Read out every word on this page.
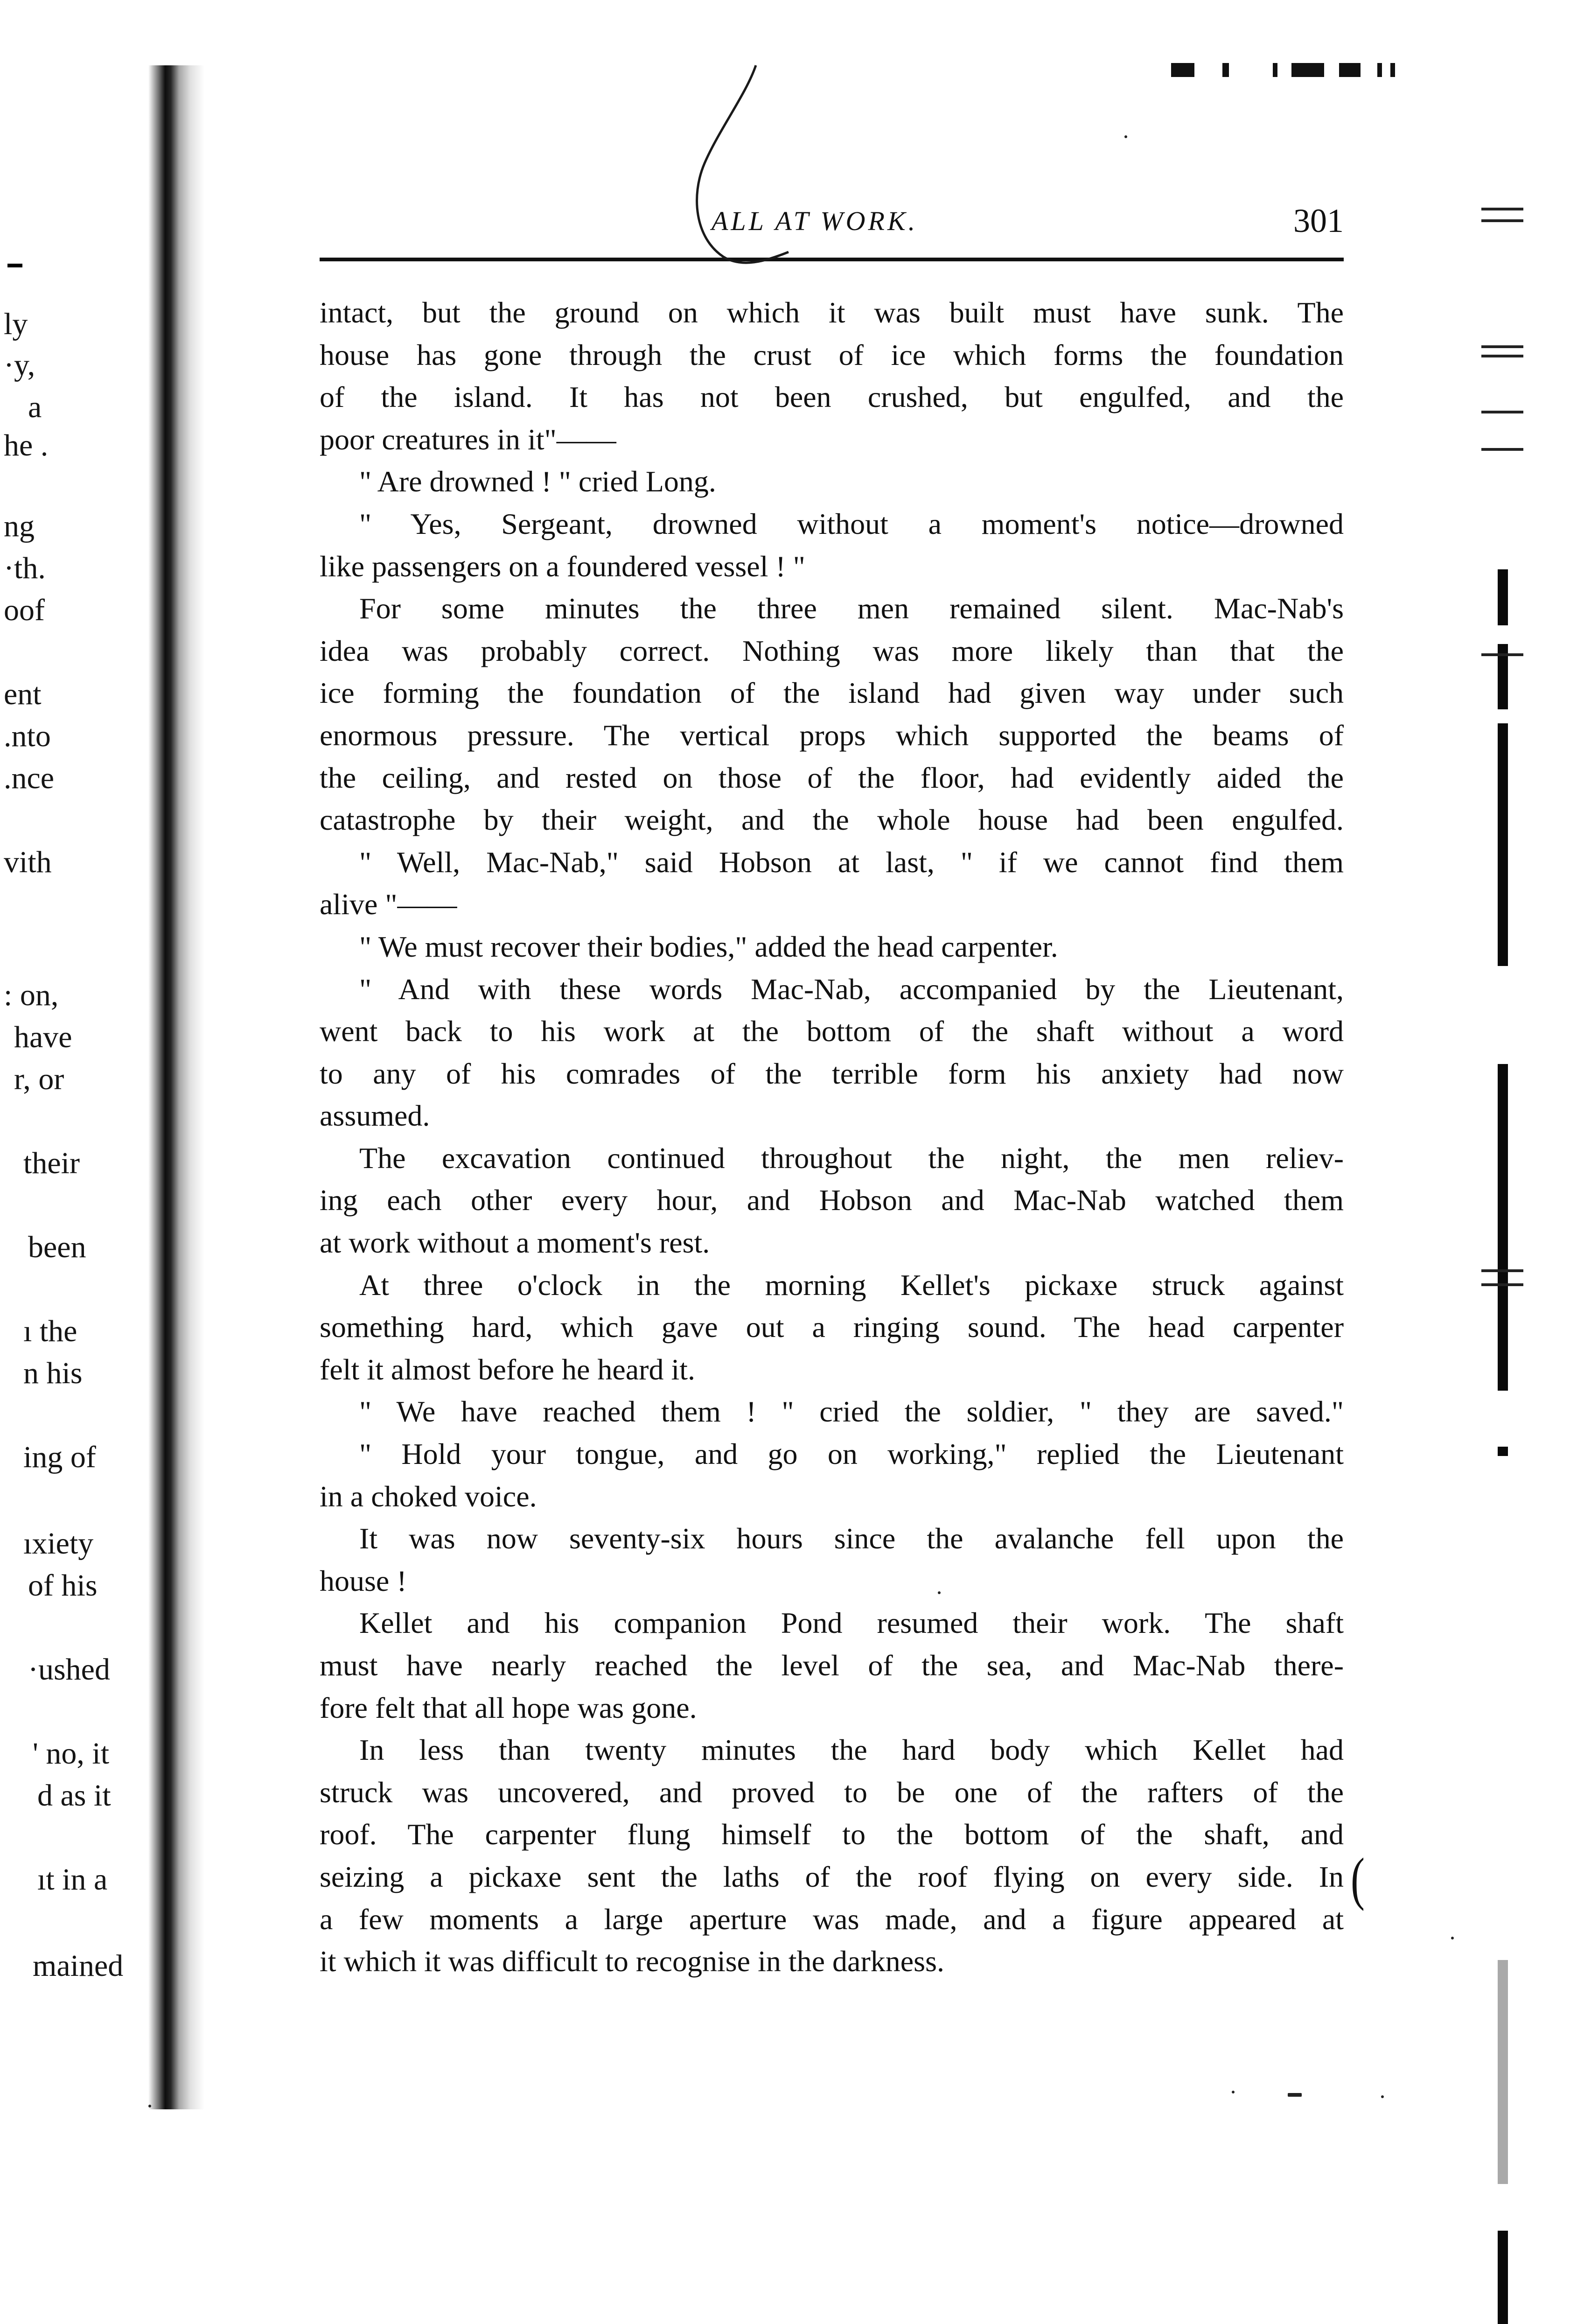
ly
·y,
a
he .
ng
·th.
oof
ent
.nto
.nce
vith
: on,
have
r, or
their
been
ı the
n his
ing of
ıxiety
of his
·ushed
' no, it
d as it
ıt in a
mained
ALL AT WORK.	301
intact, but the ground on which it was built must have sunk. The
house has gone through the crust of ice which forms the foundation
of the island. It has not been crushed, but engulfed, and the
poor creatures in it"——
" Are drowned ! " cried Long.
" Yes, Sergeant, drowned without a moment's notice—drowned
like passengers on a foundered vessel ! "
For some minutes the three men remained silent. Mac-Nab's
idea was probably correct. Nothing was more likely than that the
ice forming the foundation of the island had given way under such
enormous pressure. The vertical props which supported the beams of
the ceiling, and rested on those of the floor, had evidently aided the
catastrophe by their weight, and the whole house had been engulfed.
" Well, Mac-Nab," said Hobson at last, " if we cannot find them
alive "——
" We must recover their bodies," added the head carpenter.
" And with these words Mac-Nab, accompanied by the Lieutenant,
went back to his work at the bottom of the shaft without a word
to any of his comrades of the terrible form his anxiety had now
assumed.
The excavation continued throughout the night, the men reliev-
ing each other every hour, and Hobson and Mac-Nab watched them
at work without a moment's rest.
At three o'clock in the morning Kellet's pickaxe struck against
something hard, which gave out a ringing sound. The head carpenter
felt it almost before he heard it.
" We have reached them ! " cried the soldier, " they are saved."
" Hold your tongue, and go on working," replied the Lieutenant
in a choked voice.
It was now seventy-six hours since the avalanche fell upon the
house !
Kellet and his companion Pond resumed their work. The shaft
must have nearly reached the level of the sea, and Mac-Nab there-
fore felt that all hope was gone.
In less than twenty minutes the hard body which Kellet had
struck was uncovered, and proved to be one of the rafters of the
roof. The carpenter flung himself to the bottom of the shaft, and
seizing a pickaxe sent the laths of the roof flying on every side. In
a few moments a large aperture was made, and a figure appeared at
it which it was difficult to recognise in the darkness.
(
